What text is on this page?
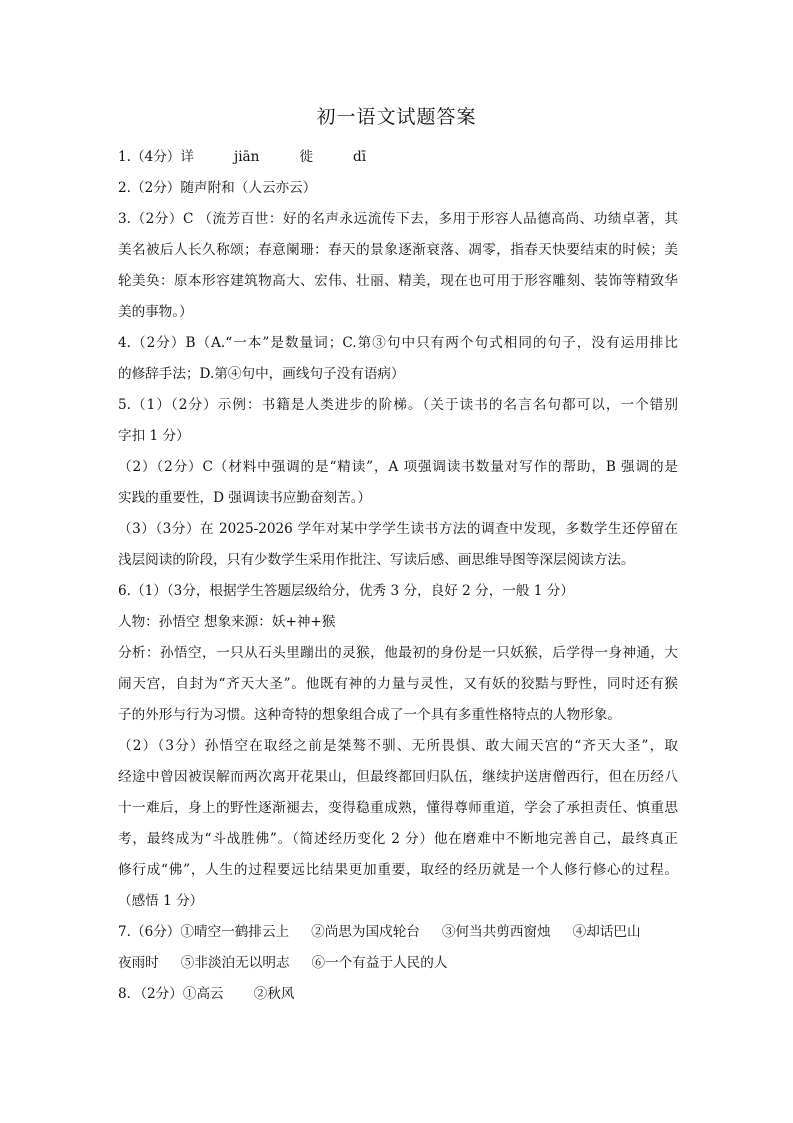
初一语文试题答案
1.（4分）详	jiān	徙	dī
2.（2分）随声附和（人云亦云）
3.（2分）C （流芳百世：好的名声永远流传下去，多用于形容人品德高尚、功绩卓著，其
美名被后人长久称颂；春意阑珊：春天的景象逐渐衰落、凋零，指春天快要结束的时候；美
轮美奂：原本形容建筑物高大、宏伟、壮丽、精美，现在也可用于形容雕刻、装饰等精致华
美的事物。）
4.（2分）B（A.“一本”是数量词；C.第③句中只有两个句式相同的句子，没有运用排比
的修辞手法；D.第④句中，画线句子没有语病）
5.（1）（2分）示例：书籍是人类进步的阶梯。（关于读书的名言名句都可以，一个错别
字扣 1 分）
（2）（2分）C（材料中强调的是“精读”，A 项强调读书数量对写作的帮助，B 强调的是
实践的重要性，D 强调读书应勤奋刻苦。）
（3）（3分）在 2025-2026 学年对某中学学生读书方法的调查中发现，多数学生还停留在
浅层阅读的阶段，只有少数学生采用作批注、写读后感、画思维导图等深层阅读方法。
6.（1）（3分，根据学生答题层级给分，优秀 3 分，良好 2 分，一般 1 分）
人物：孙悟空 想象来源：妖+神+猴
分析：孙悟空，一只从石头里蹦出的灵猴，他最初的身份是一只妖猴，后学得一身神通，大
闹天宫，自封为“齐天大圣”。他既有神的力量与灵性，又有妖的狡黠与野性，同时还有猴
子的外形与行为习惯。这种奇特的想象组合成了一个具有多重性格特点的人物形象。
（2）（3分）孙悟空在取经之前是桀骜不驯、无所畏惧、敢大闹天宫的“齐天大圣”，取
经途中曾因被误解而两次离开花果山，但最终都回归队伍，继续护送唐僧西行，但在历经八
十一难后，身上的野性逐渐褪去，变得稳重成熟，懂得尊师重道，学会了承担责任、慎重思
考，最终成为“斗战胜佛”。（简述经历变化 2 分）他在磨难中不断地完善自己，最终真正
修行成“佛”，人生的过程要远比结果更加重要，取经的经历就是一个人修行修心的过程。
（感悟 1 分）
7.（6分）①晴空一鹤排云上 ②尚思为国戍轮台 ③何当共剪西窗烛 ④却话巴山
夜雨时 ⑤非淡泊无以明志 ⑥一个有益于人民的人
8．（2分）①高云 ②秋风
